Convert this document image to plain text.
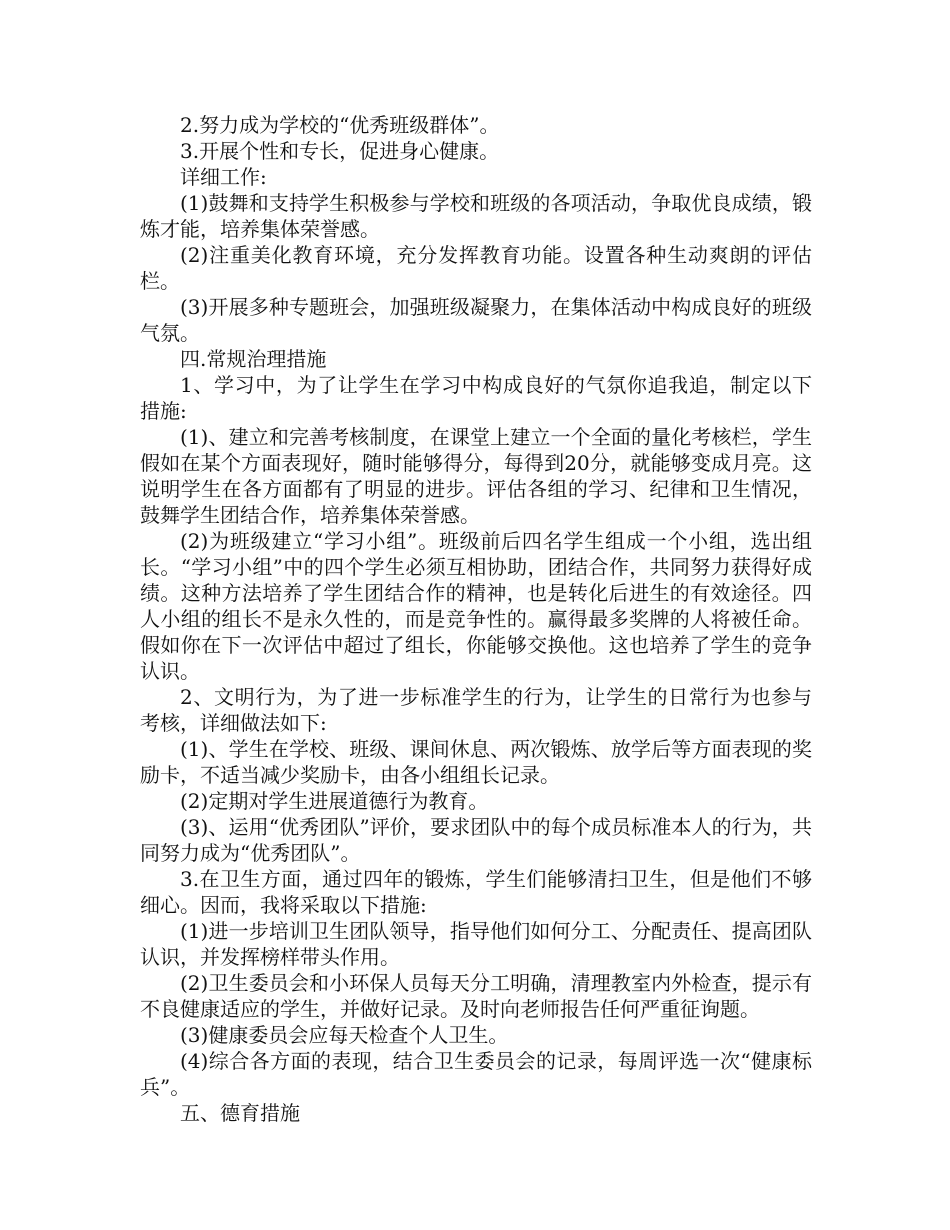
2.努力成为学校的“优秀班级群体”。

3.开展个性和专长，促进身心健康。

详细工作:

(1)鼓舞和支持学生积极参与学校和班级的各项活动，争取优良成绩，锻炼才能，培养集体荣誉感。

(2)注重美化教育环境，充分发挥教育功能。设置各种生动爽朗的评估栏。

(3)开展多种专题班会，加强班级凝聚力，在集体活动中构成良好的班级气氛。

四.常规治理措施

1、学习中，为了让学生在学习中构成良好的气氛你追我追，制定以下措施:

(1)、建立和完善考核制度，在课堂上建立一个全面的量化考核栏，学生假如在某个方面表现好，随时能够得分，每得到20分，就能够变成月亮。这说明学生在各方面都有了明显的进步。评估各组的学习、纪律和卫生情况，鼓舞学生团结合作，培养集体荣誉感。

(2)为班级建立“学习小组”。班级前后四名学生组成一个小组，选出组长。“学习小组”中的四个学生必须互相协助，团结合作，共同努力获得好成绩。这种方法培养了学生团结合作的精神，也是转化后进生的有效途径。四人小组的组长不是永久性的，而是竞争性的。赢得最多奖牌的人将被任命。假如你在下一次评估中超过了组长，你能够交换他。这也培养了学生的竞争认识。

2、文明行为，为了进一步标准学生的行为，让学生的日常行为也参与考核，详细做法如下:

(1)、学生在学校、班级、课间休息、两次锻炼、放学后等方面表现的奖励卡，不适当减少奖励卡，由各小组组长记录。

(2)定期对学生进展道德行为教育。

(3)、运用“优秀团队”评价，要求团队中的每个成员标准本人的行为，共同努力成为“优秀团队”。

3.在卫生方面，通过四年的锻炼，学生们能够清扫卫生，但是他们不够细心。因而，我将采取以下措施:

(1)进一步培训卫生团队领导，指导他们如何分工、分配责任、提高团队认识，并发挥榜样带头作用。

(2)卫生委员会和小环保人员每天分工明确，清理教室内外检查，提示有不良健康适应的学生，并做好记录。及时向老师报告任何严重征询题。

(3)健康委员会应每天检查个人卫生。

(4)综合各方面的表现，结合卫生委员会的记录，每周评选一次“健康标兵”。

五、德育措施
